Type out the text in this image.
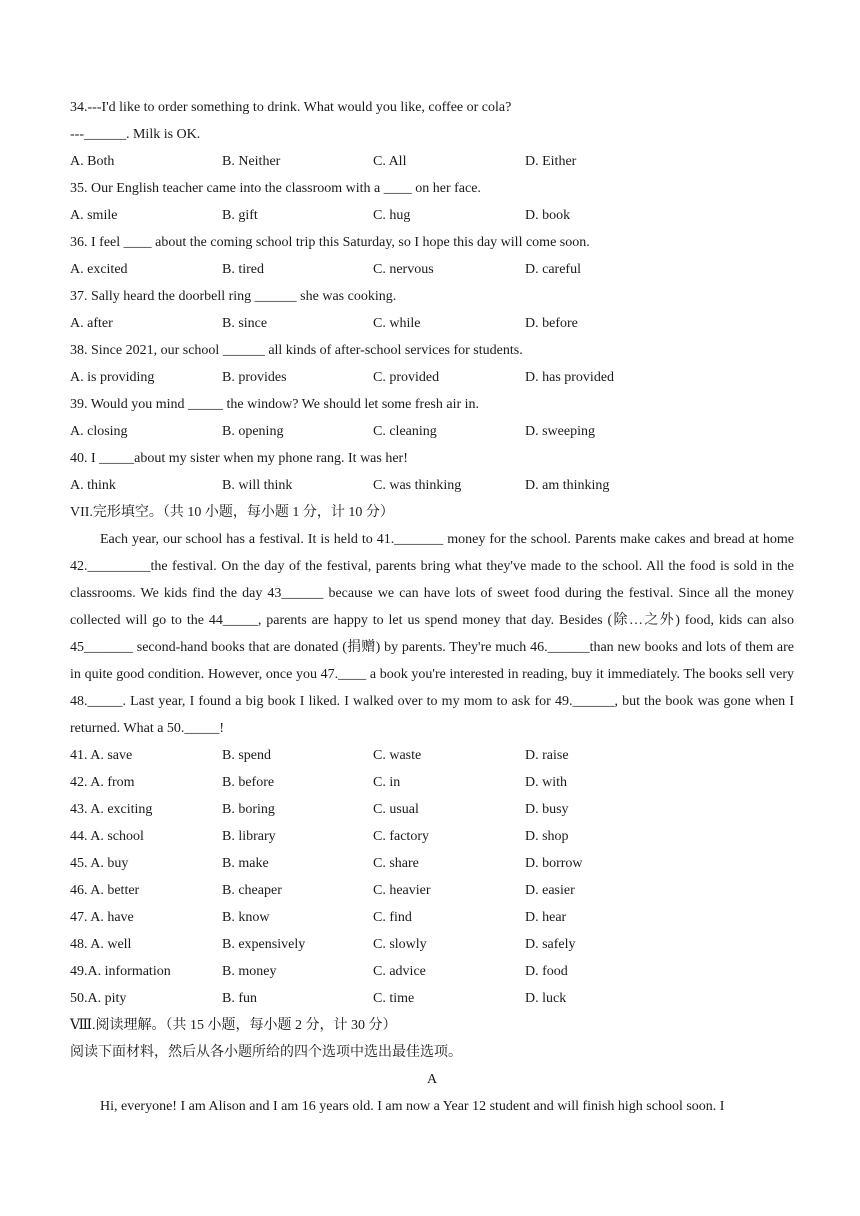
34.---I'd like to order something to drink. What would you like, coffee or cola?
---______. Milk is OK.
A. Both	B. Neither	C. All	D. Either
35. Our English teacher came into the classroom with a ____ on her face.
A. smile	B. gift	C. hug	D. book
36. I feel ____ about the coming school trip this Saturday, so I hope this day will come soon.
A. excited	B. tired	C. nervous	D. careful
37. Sally heard the doorbell ring ______ she was cooking.
A. after	B. since	C. while	D. before
38. Since 2021, our school ______ all kinds of after-school services for students.
A. is providing	B. provides	C. provided	D. has provided
39. Would you mind _____ the window? We should let some fresh air in.
A. closing	B. opening	C. cleaning	D. sweeping
40. I _____about my sister when my phone rang. It was her!
A. think	B. will think	C. was thinking	D. am thinking
VII.完形填空。（共 10 小题，每小题 1 分，计 10 分）

Each year, our school has a festival. It is held to 41._______ money for the school. Parents make cakes and bread at home 42._________the festival. On the day of the festival, parents bring what they've made to the school. All the food is sold in the classrooms. We kids find the day 43______ because we can have lots of sweet food during the festival. Since all the money collected will go to the 44_____, parents are happy to let us spend money that day. Besides (除…之外) food, kids can also 45_______ second-hand books that are donated (捐赠) by parents. They're much 46.______than new books and lots of them are in quite good condition. However, once you 47.____ a book you're interested in reading, buy it immediately. The books sell very 48._____. Last year, I found a big book I liked. I walked over to my mom to ask for 49.______, but the book was gone when I returned. What a 50._____!

41. A. save	B. spend	C. waste	D. raise
42. A. from	B. before	C. in	D. with
43. A. exciting	B. boring	C. usual	D. busy
44. A. school	B. library	C. factory	D. shop
45. A. buy	B. make	C. share	D. borrow
46. A. better	B. cheaper	C. heavier	D. easier
47. A. have	B. know	C. find	D. hear
48. A. well	B. expensively	C. slowly	D. safely
49.A. information	B. money	C. advice	D. food
50.A. pity	B. fun	C. time	D. luck
Ⅷ.阅读理解。（共 15 小题，每小题 2 分，计 30 分）
阅读下面材料，然后从各小题所给的四个选项中选出最佳选项。
A

Hi, everyone! I am Alison and I am 16 years old. I am now a Year 12 student and will finish high school soon. I
